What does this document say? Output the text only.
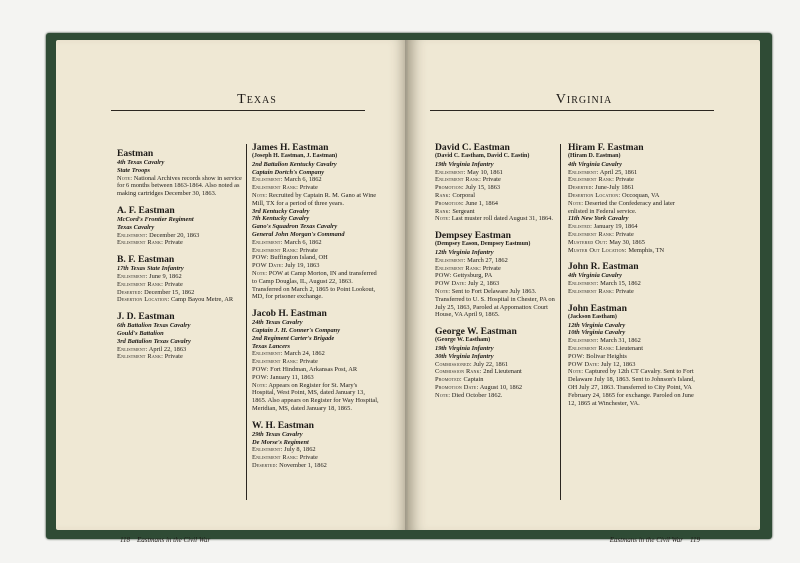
Texas
Eastman
4th Texas Cavalry
State Troops
Note: National Archives records show in service for 6 months between 1863-1864. Also noted as making cartridges December 30, 1863.
A. F. Eastman
McCord's Frontier Regiment
Texas Cavalry
Enlistment: December 20, 1863
Enlistment Rank: Private
B. F. Eastman
17th Texas State Infantry
Enlistment: June 9, 1862
Enlistment Rank: Private
Deserted: December 15, 1862
Desertion Location: Camp Bayou Metre, AR
J. D. Eastman
6th Battalion Texas Cavalry
Gould's Battalion
3rd Battalion Texas Cavalry
Enlistment: April 22, 1863
Enlistment Rank: Private
James H. Eastman
(Joseph H. Eastman, J. Eastman)
2nd Battalion Kentucky Cavalry
Captain Dortch's Company
Enlistment: March 6, 1862
Enlistment Rank: Private
Note: Recruited by Captain R. M. Gano at Wine Mill, TX for a period of three years.
3rd Kentucky Cavalry
7th Kentucky Cavalry
Gano's Squadron Texas Cavalry
General John Morgan's Command
Enlistment: March 6, 1862
Enlistment Rank: Private
POW: Buffington Island, OH
POW Date: July 19, 1863
Note: POW at Camp Morton, IN and transferred to Camp Douglas, IL, August 22, 1863. Transferred on March 2, 1865 to Point Lookout, MD, for prisoner exchange.
Jacob H. Eastman
24th Texas Cavalry
Captain J. H. Conner's Company
2nd Regiment Carter's Brigade
Texas Lancers
Enlistment: March 24, 1862
Enlistment Rank: Private
POW: Fort Hindman, Arkansas Post, AR
POW: January 11, 1863
Note: Appears on Register for St. Mary's Hospital, West Point, MS, dated January 13, 1865. Also appears on Register for Way Hospital, Meridian, MS, dated January 18, 1865.
W. H. Eastman
29th Texas Cavalry
De Morse's Regiment
Enlistment: July 8, 1862
Enlistment Rank: Private
Deserted: November 1, 1862
118 Eastmans in the Civil War
Virginia
David C. Eastman
(David C. Eastham, David C. Eastin)
19th Virginia Infantry
Enlistment: May 10, 1861
Enlistment Rank: Private
Promotion: July 15, 1863
Rank: Corporal
Promotion: June 1, 1864
Rank: Sergeant
Note: Last muster roll dated August 31, 1864.
Dempsey Eastman
(Dempsey Eason, Dempsey Eastmun)
12th Virginia Infantry
Enlistment: March 27, 1862
Enlistment Rank: Private
POW: Gettysburg, PA
POW Date: July 2, 1863
Note: Sent to Fort Delaware July 1863. Transferred to U. S. Hospital in Chester, PA on July 25, 1863, Paroled at Appomattox Court House, VA April 9, 1865.
George W. Eastman
(George W. Eastham)
19th Virginia Infantry
30th Virginia Infantry
Commissioned: July 22, 1861
Commission Rank: 2nd Lieutenant
Promoted: Captain
Promotion Date: August 10, 1862
Note: Died October 1862.
Hiram F. Eastman
(Hiram D. Eastman)
4th Virginia Cavalry
Enlistment: April 25, 1861
Enlistment Rank: Private
Deserted: June-July 1861
Desertion Location: Occoquan, VA
Note: Deserted the Confederacy and later enlisted in Federal service.
11th New York Cavalry
Enlisted: January 19, 1864
Enlistment Rank: Private
Mustered Out: May 30, 1865
Muster Out Location: Memphis, TN
John R. Eastman
4th Virginia Cavalry
Enlistment: March 15, 1862
Enlistment Rank: Private
John Eastman
(Jackson Eastham)
12th Virginia Cavalry
10th Virginia Cavalry
Enlistment: March 31, 1862
Enlistment Rank: Lieutenant
POW: Bolivar Heights
POW Date: July 12, 1863
Note: Captured by 12th CT Cavalry. Sent to Fort Delaware July 18, 1863. Sent to Johnson's Island, OH July 27, 1863. Transferred to City Point, VA February 24, 1865 for exchange. Paroled on June 12, 1865 at Winchester, VA.
Eastmans in the Civil War 119
